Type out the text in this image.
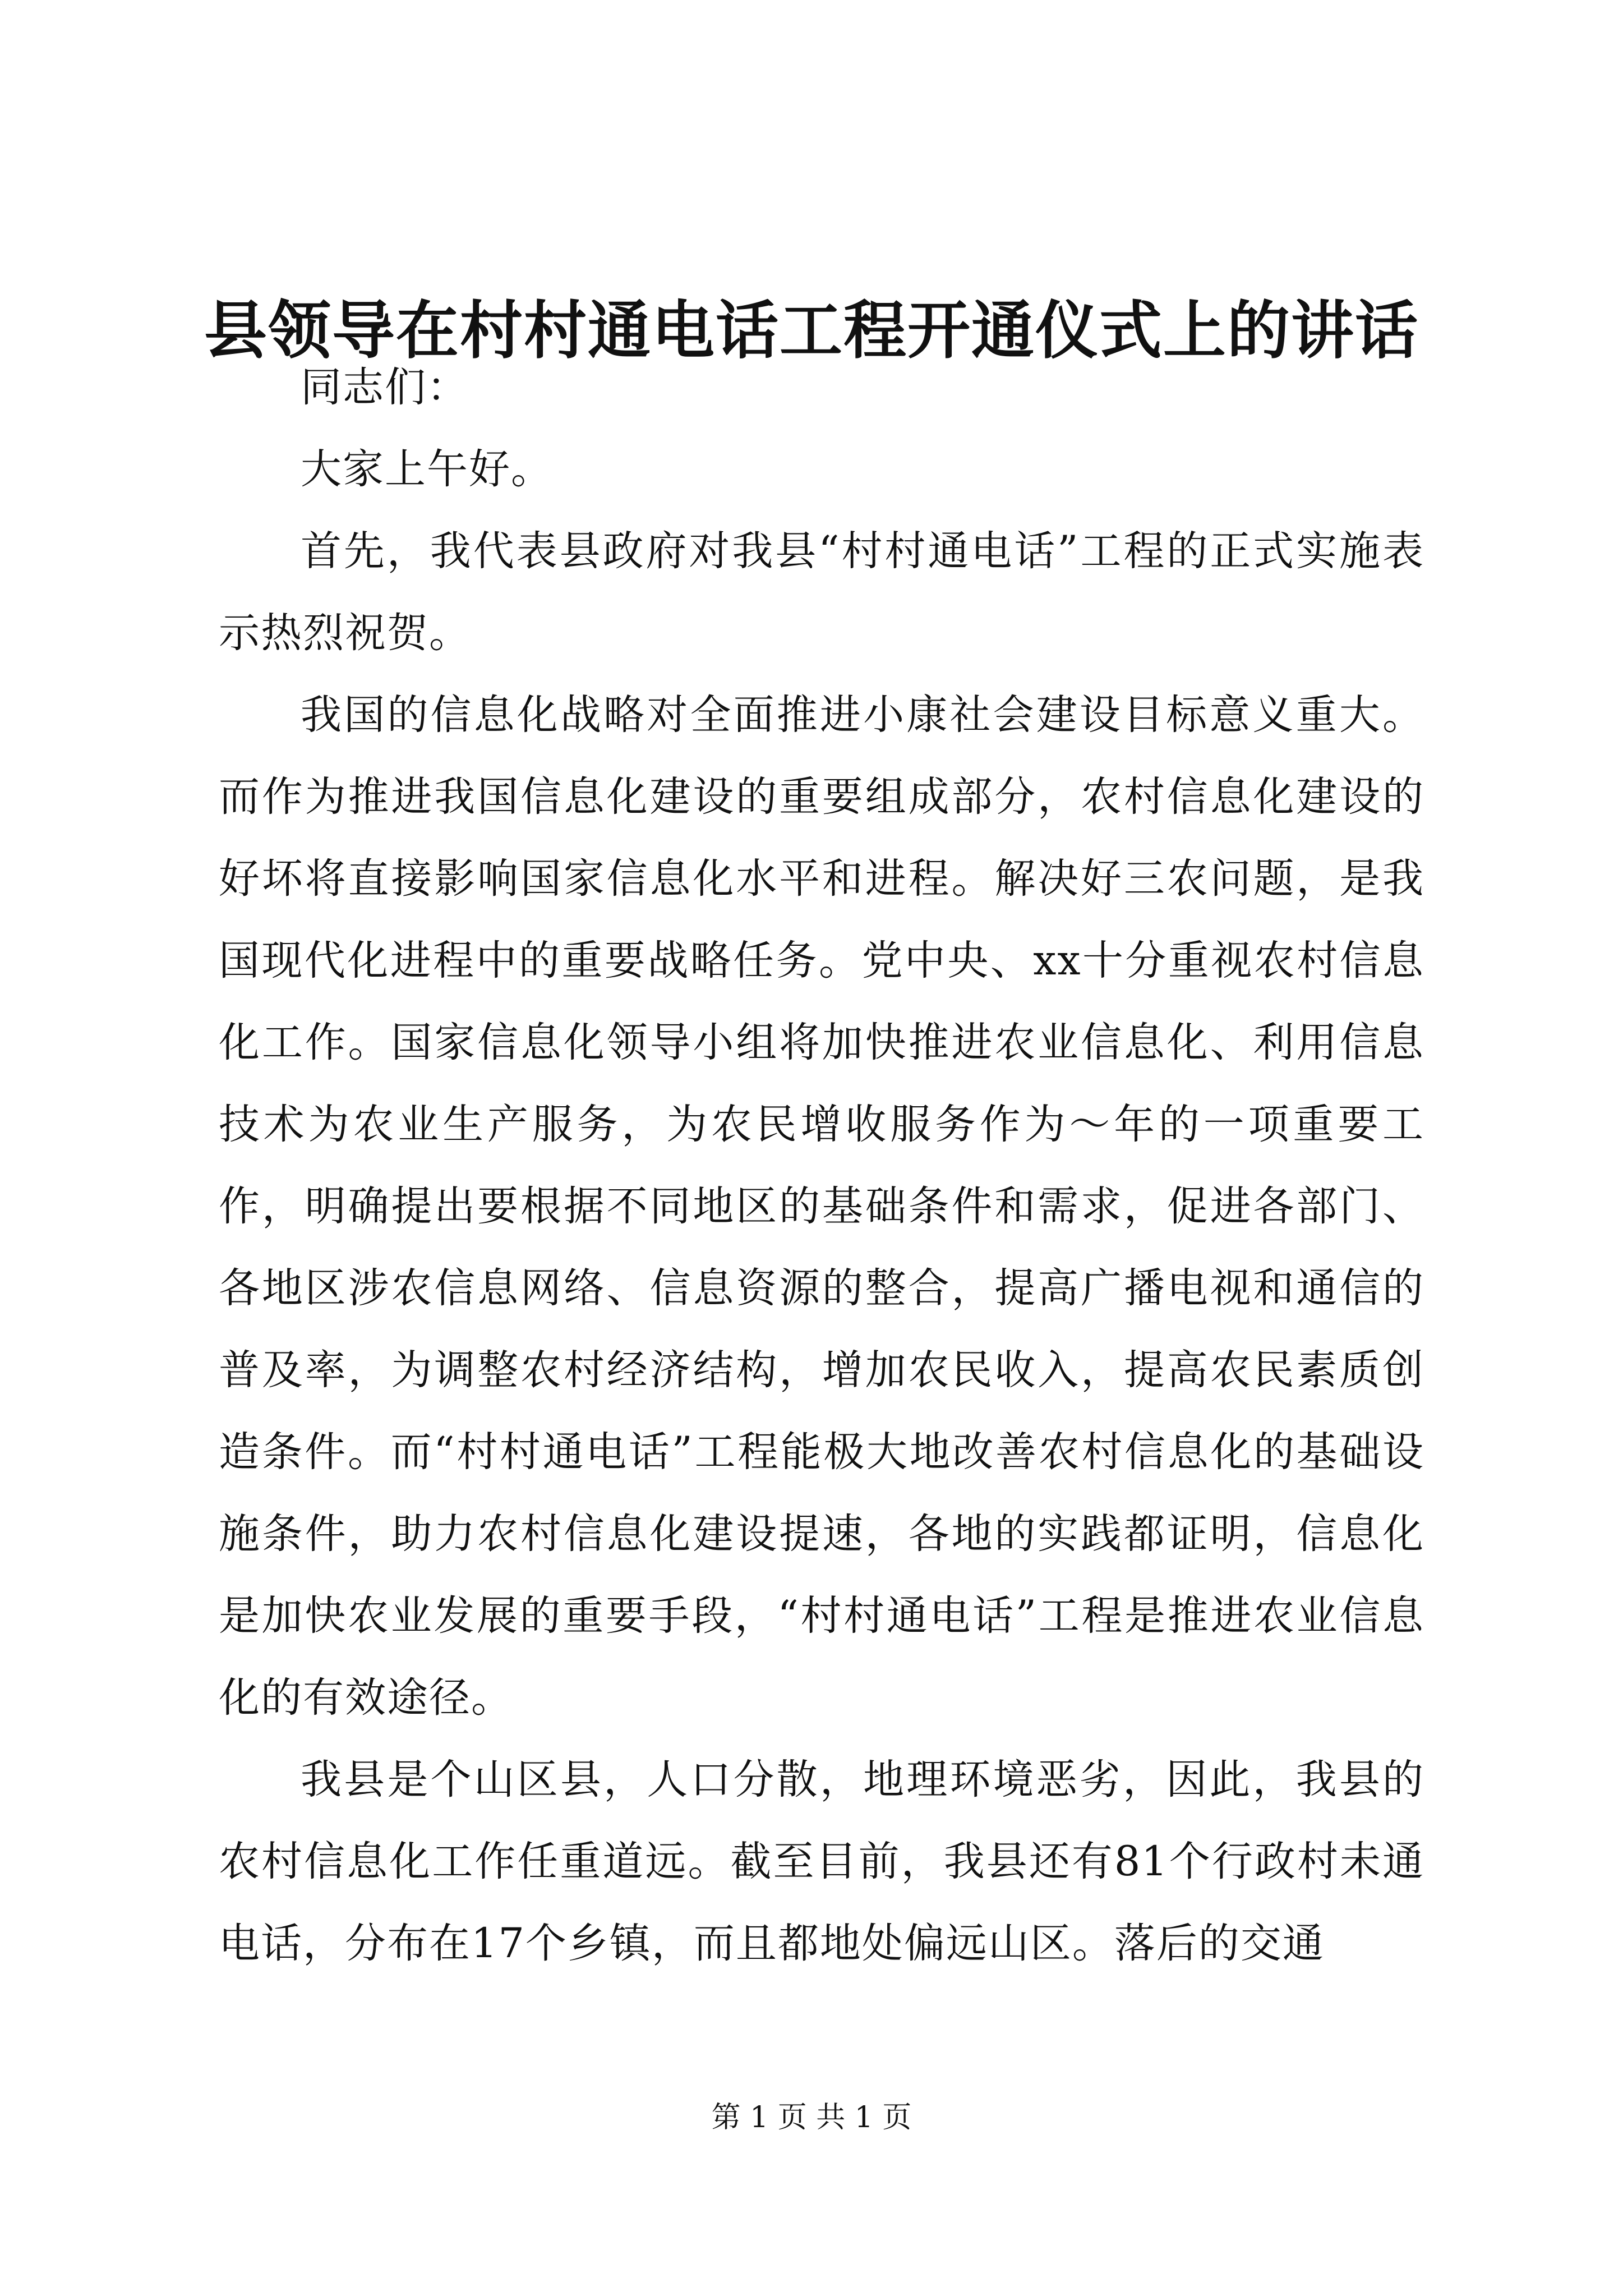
县领导在村村通电话工程开通仪式上的讲话

同志们：

大家上午好。

首先，我代表县政府对我县“村村通电话”工程的正式实施表示热烈祝贺。

我国的信息化战略对全面推进小康社会建设目标意义重大。而作为推进我国信息化建设的重要组成部分，农村信息化建设的好坏将直接影响国家信息化水平和进程。解决好三农问题，是我国现代化进程中的重要战略任务。党中央、xx十分重视农村信息化工作。国家信息化领导小组将加快推进农业信息化、利用信息技术为农业生产服务，为农民增收服务作为～年的一项重要工作，明确提出要根据不同地区的基础条件和需求，促进各部门、各地区涉农信息网络、信息资源的整合，提高广播电视和通信的普及率，为调整农村经济结构，增加农民收入，提高农民素质创造条件。而“村村通电话”工程能极大地改善农村信息化的基础设施条件，助力农村信息化建设提速，各地的实践都证明，信息化是加快农业发展的重要手段，“村村通电话”工程是推进农业信息化的有效途径。

我县是个山区县，人口分散，地理环境恶劣，因此，我县的农村信息化工作任重道远。截至目前，我县还有81个行政村未通电话，分布在17个乡镇，而且都地处偏远山区。落后的交通

第 1 页 共 1 页
